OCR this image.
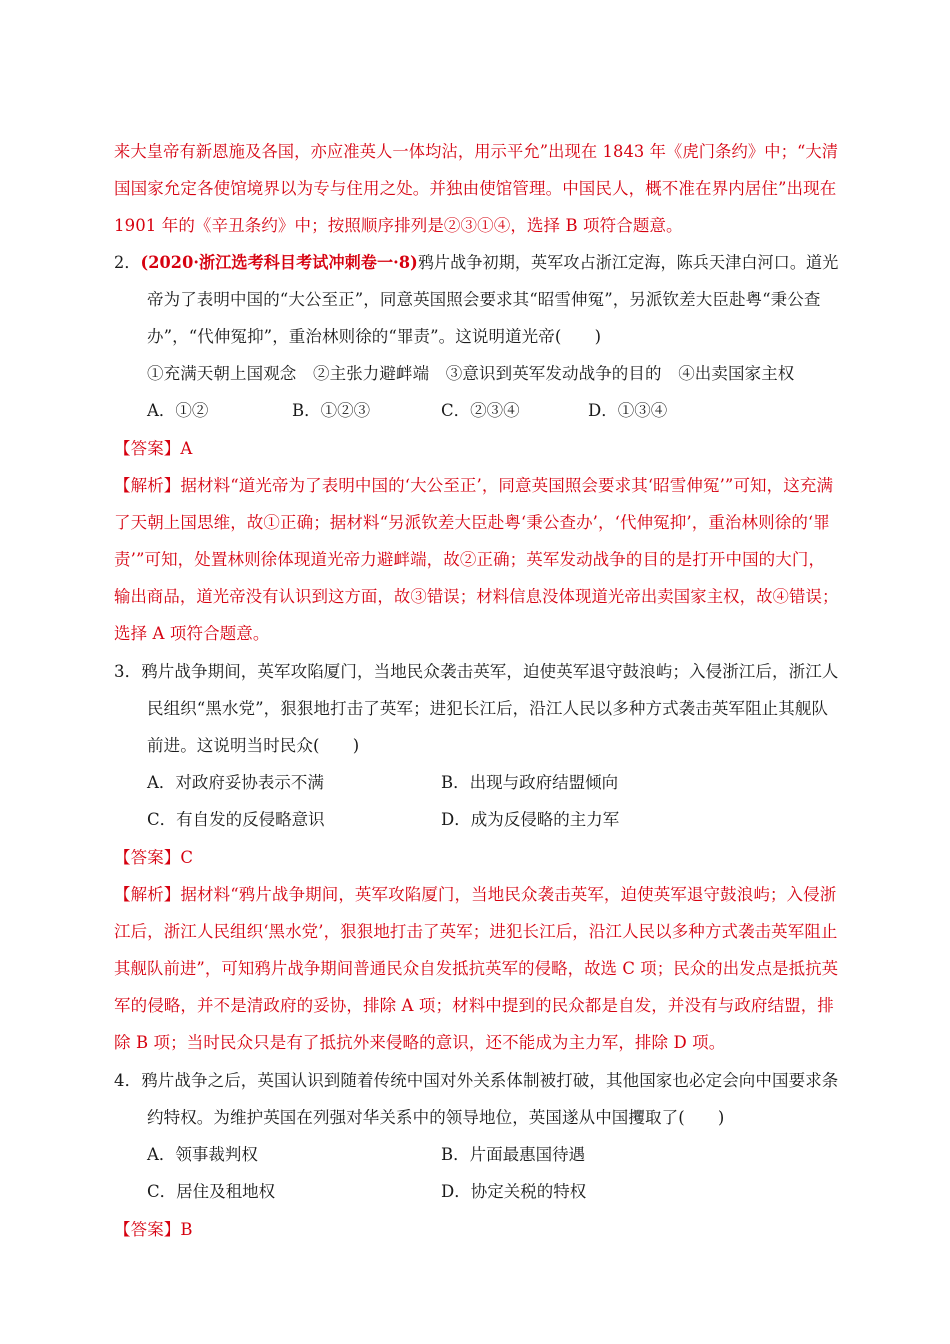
来大皇帝有新恩施及各国，亦应准英人一体均沾，用示平允”出现在 1843 年《虎门条约》中；“大清
国国家允定各使馆境界以为专与住用之处。并独由使馆管理。中国民人，概不准在界内居住”出现在
1901 年的《辛丑条约》中；按照顺序排列是②③①④，选择 B 项符合题意。
2．(2020·浙江选考科目考试冲刺卷一·8)鸦片战争初期，英军攻占浙江定海，陈兵天津白河口。道光
帝为了表明中国的“大公至正”，同意英国照会要求其“昭雪伸冤”，另派钦差大臣赴粤“秉公查
办”，“代伸冤抑”，重治林则徐的“罪责”。这说明道光帝(　　)
①充满天朝上国观念　②主张力避衅端　③意识到英军发动战争的目的　④出卖国家主权
A．①②	B．①②③	C．②③④	D．①③④
【答案】A
【解析】据材料“道光帝为了表明中国的‘大公至正’，同意英国照会要求其‘昭雪伸冤’”可知，这充满
了天朝上国思维，故①正确；据材料“另派钦差大臣赴粤‘秉公查办’，‘代伸冤抑’，重治林则徐的‘罪
责’”可知，处置林则徐体现道光帝力避衅端，故②正确；英军发动战争的目的是打开中国的大门，
输出商品，道光帝没有认识到这方面，故③错误；材料信息没体现道光帝出卖国家主权，故④错误；
选择 A 项符合题意。
3．鸦片战争期间，英军攻陷厦门，当地民众袭击英军，迫使英军退守鼓浪屿；入侵浙江后，浙江人
民组织“黑水党”，狠狠地打击了英军；进犯长江后，沿江人民以多种方式袭击英军阻止其舰队
前进。这说明当时民众(　　)
A．对政府妥协表示不满	B．出现与政府结盟倾向
C．有自发的反侵略意识	D．成为反侵略的主力军
【答案】C
【解析】据材料“鸦片战争期间，英军攻陷厦门，当地民众袭击英军，迫使英军退守鼓浪屿；入侵浙
江后，浙江人民组织‘黑水党’，狠狠地打击了英军；进犯长江后，沿江人民以多种方式袭击英军阻止
其舰队前进”，可知鸦片战争期间普通民众自发抵抗英军的侵略，故选 C 项；民众的出发点是抵抗英
军的侵略，并不是清政府的妥协，排除 A 项；材料中提到的民众都是自发，并没有与政府结盟，排
除 B 项；当时民众只是有了抵抗外来侵略的意识，还不能成为主力军，排除 D 项。
4．鸦片战争之后，英国认识到随着传统中国对外关系体制被打破，其他国家也必定会向中国要求条
约特权。为维护英国在列强对华关系中的领导地位，英国遂从中国攫取了(　　)
A．领事裁判权	B．片面最惠国待遇
C．居住及租地权	D．协定关税的特权
【答案】B
